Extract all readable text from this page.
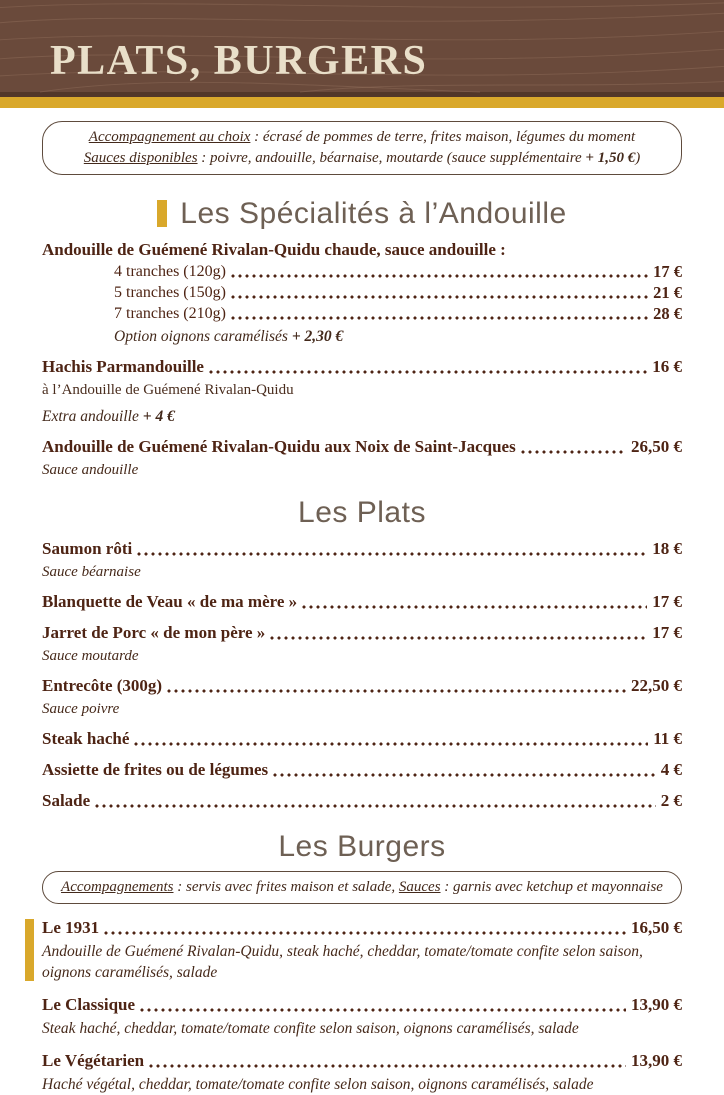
PLATS, BURGERS
Accompagnement au choix : écrasé de pommes de terre, frites maison, légumes du moment
Sauces disponibles : poivre, andouille, béarnaise, moutarde (sauce supplémentaire + 1,50 €)
Les Spécialités à l’Andouille
Andouille de Guémené Rivalan-Quidu chaude, sauce andouille :
4 tranches (120g)	17 €
5 tranches (150g)	21 €
7 tranches (210g)	28 €
Option oignons caramélisés + 2,30 €
Hachis Parmandouille	16 €
à l’Andouille de Guémené Rivalan-Quidu
Extra andouille + 4 €
Andouille de Guémené Rivalan-Quidu aux Noix de Saint-Jacques	26,50 €
Sauce andouille
Les Plats
Saumon rôti	18 €
Sauce béarnaise
Blanquette de Veau « de ma mère »	17 €
Jarret de Porc « de mon père »	17 €
Sauce moutarde
Entrecôte (300g)	22,50 €
Sauce poivre
Steak haché	11 €
Assiette de frites ou de légumes	4 €
Salade	2 €
Les Burgers
Accompagnements : servis avec frites maison et salade, Sauces : garnis avec ketchup et mayonnaise
Le 1931	16,50 €
Andouille de Guémené Rivalan-Quidu, steak haché, cheddar, tomate/tomate confite selon saison, oignons caramélisés, salade
Le Classique	13,90 €
Steak haché, cheddar, tomate/tomate confite selon saison, oignons caramélisés, salade
Le Végétarien	13,90 €
Haché végétal, cheddar, tomate/tomate confite selon saison, oignons caramélisés, salade
